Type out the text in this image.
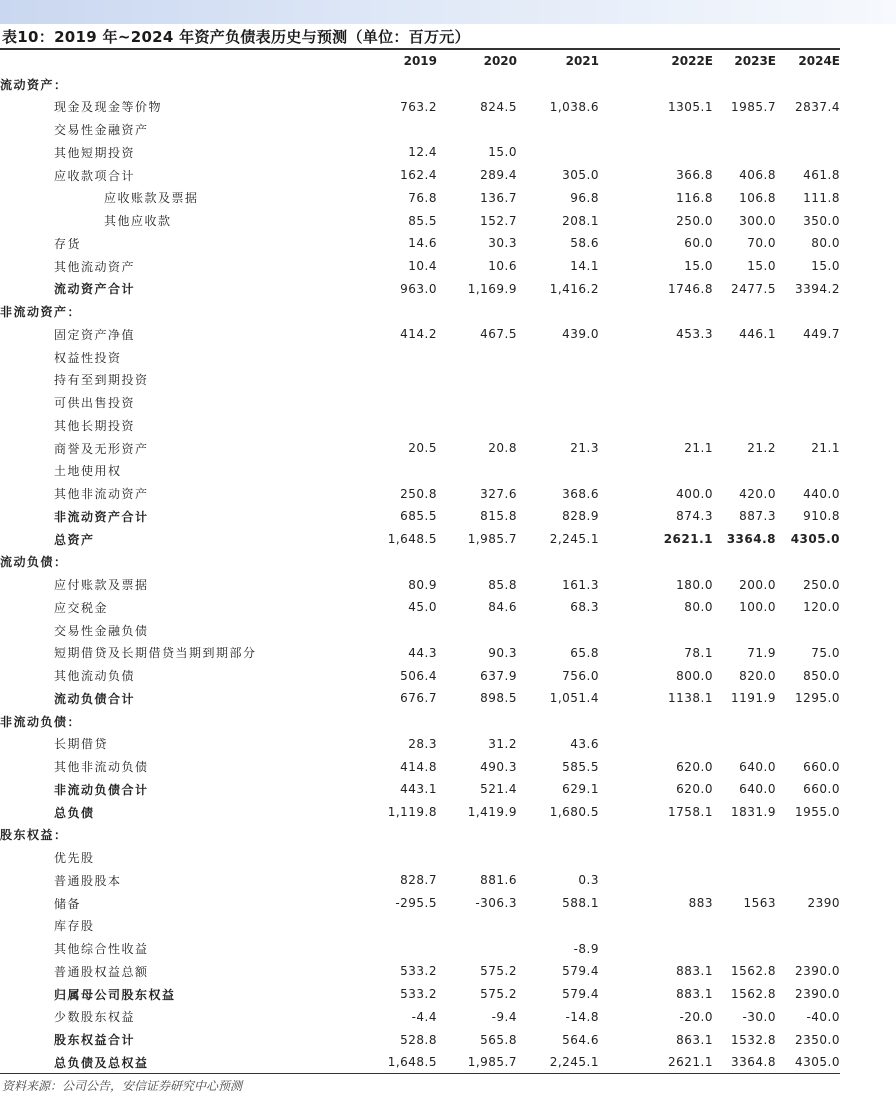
表10：2019 年~2024 年资产负债表历史与预测（单位：百万元）
	2019	2020	2021	2022E	2023E	2024E
流动资产：						
现金及现金等价物	763.2	824.5	1,038.6	1305.1	1985.7	2837.4
交易性金融资产						
其他短期投资	12.4	15.0				
应收款项合计	162.4	289.4	305.0	366.8	406.8	461.8
应收账款及票据	76.8	136.7	96.8	116.8	106.8	111.8
其他应收款	85.5	152.7	208.1	250.0	300.0	350.0
存货	14.6	30.3	58.6	60.0	70.0	80.0
其他流动资产	10.4	10.6	14.1	15.0	15.0	15.0
流动资产合计	963.0	1,169.9	1,416.2	1746.8	2477.5	3394.2
非流动资产：						
固定资产净值	414.2	467.5	439.0	453.3	446.1	449.7
权益性投资						
持有至到期投资						
可供出售投资						
其他长期投资						
商誉及无形资产	20.5	20.8	21.3	21.1	21.2	21.1
土地使用权						
其他非流动资产	250.8	327.6	368.6	400.0	420.0	440.0
非流动资产合计	685.5	815.8	828.9	874.3	887.3	910.8
总资产	1,648.5	1,985.7	2,245.1	2621.1	3364.8	4305.0
流动负债：						
应付账款及票据	80.9	85.8	161.3	180.0	200.0	250.0
应交税金	45.0	84.6	68.3	80.0	100.0	120.0
交易性金融负债						
短期借贷及长期借贷当期到期部分	44.3	90.3	65.8	78.1	71.9	75.0
其他流动负债	506.4	637.9	756.0	800.0	820.0	850.0
流动负债合计	676.7	898.5	1,051.4	1138.1	1191.9	1295.0
非流动负债：						
长期借贷	28.3	31.2	43.6			
其他非流动负债	414.8	490.3	585.5	620.0	640.0	660.0
非流动负债合计	443.1	521.4	629.1	620.0	640.0	660.0
总负债	1,119.8	1,419.9	1,680.5	1758.1	1831.9	1955.0
股东权益：						
优先股						
普通股股本	828.7	881.6	0.3			
储备	-295.5	-306.3	588.1	883	1563	2390
库存股						
其他综合性收益			-8.9			
普通股权益总额	533.2	575.2	579.4	883.1	1562.8	2390.0
归属母公司股东权益	533.2	575.2	579.4	883.1	1562.8	2390.0
少数股东权益	-4.4	-9.4	-14.8	-20.0	-30.0	-40.0
股东权益合计	528.8	565.8	564.6	863.1	1532.8	2350.0
总负债及总权益	1,648.5	1,985.7	2,245.1	2621.1	3364.8	4305.0
资料来源：公司公告，安信证券研究中心预测
